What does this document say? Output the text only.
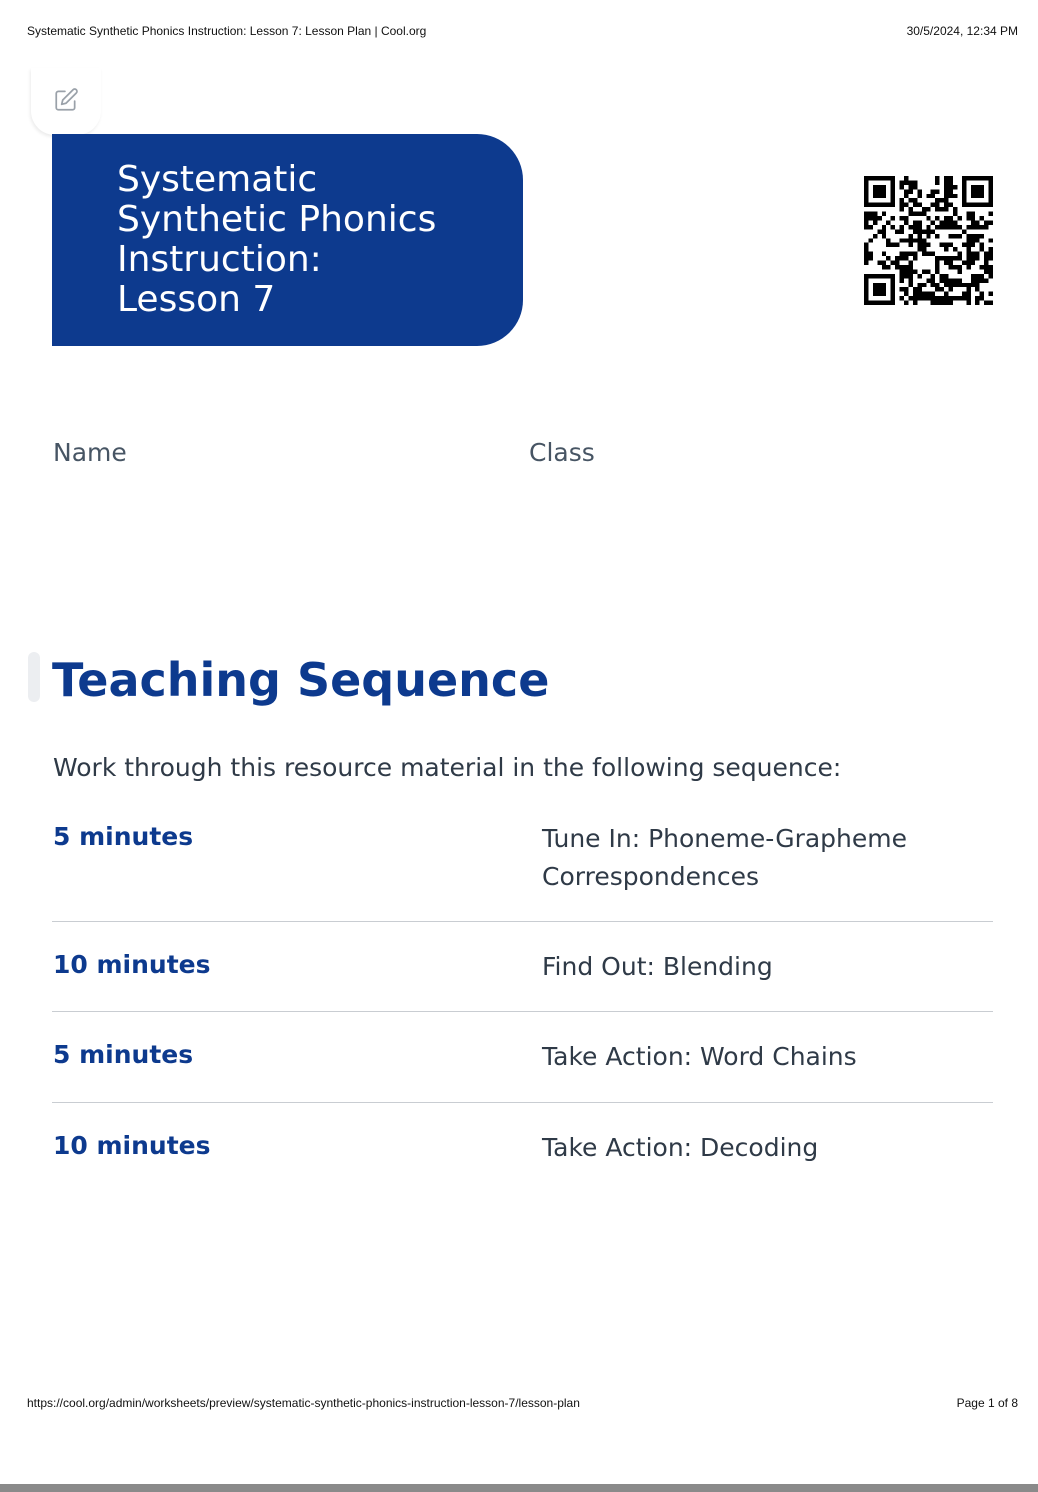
Systematic Synthetic Phonics Instruction: Lesson 7: Lesson Plan | Cool.org	30/5/2024, 12:34 PM
Systematic Synthetic Phonics Instruction: Lesson 7
Name	Class
Teaching Sequence
Work through this resource material in the following sequence:
5 minutes	Tune In: Phoneme-Grapheme Correspondences
10 minutes	Find Out: Blending
5 minutes	Take Action: Word Chains
10 minutes	Take Action: Decoding
https://cool.org/admin/worksheets/preview/systematic-synthetic-phonics-instruction-lesson-7/lesson-plan	Page 1 of 8
